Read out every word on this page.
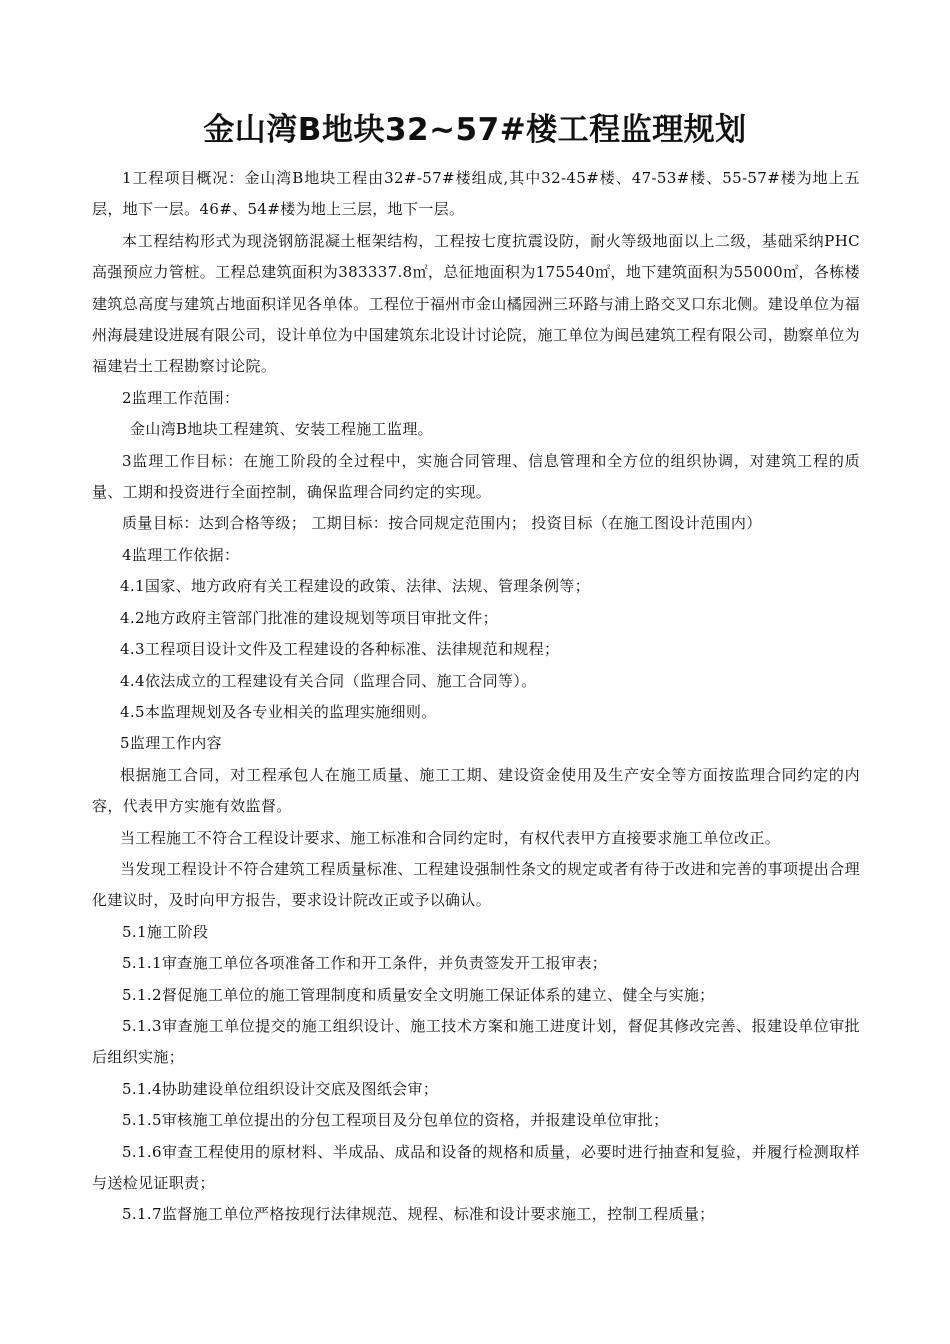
金山湾B地块32~57#楼工程监理规划

1工程项目概况：金山湾B地块工程由32#-57#楼组成,其中32-45#楼、47-53#楼、55-57#楼为地上五层，地下一层。46#、54#楼为地上三层，地下一层。

本工程结构形式为现浇钢筋混凝土框架结构，工程按七度抗震设防，耐火等级地面以上二级，基础采纳PHC高强预应力管桩。工程总建筑面积为383337.8㎡，总征地面积为175540㎡，地下建筑面积为55000㎡，各栋楼建筑总高度与建筑占地面积详见各单体。工程位于福州市金山橘园洲三环路与浦上路交叉口东北侧。建设单位为福州海晨建设进展有限公司，设计单位为中国建筑东北设计讨论院，施工单位为闽邑建筑工程有限公司，勘察单位为福建岩土工程勘察讨论院。

2监理工作范围：

金山湾B地块工程建筑、安装工程施工监理。

3监理工作目标：在施工阶段的全过程中，实施合同管理、信息管理和全方位的组织协调，对建筑工程的质量、工期和投资进行全面控制，确保监理合同约定的实现。

质量目标：达到合格等级； 工期目标：按合同规定范围内； 投资目标（在施工图设计范围内）

4监理工作依据：

4.1国家、地方政府有关工程建设的政策、法律、法规、管理条例等；

4.2地方政府主管部门批准的建设规划等项目审批文件；

4.3工程项目设计文件及工程建设的各种标准、法律规范和规程；

4.4依法成立的工程建设有关合同（监理合同、施工合同等）。

4.5本监理规划及各专业相关的监理实施细则。

5监理工作内容

根据施工合同，对工程承包人在施工质量、施工工期、建设资金使用及生产安全等方面按监理合同约定的内容，代表甲方实施有效监督。

当工程施工不符合工程设计要求、施工标准和合同约定时，有权代表甲方直接要求施工单位改正。

当发现工程设计不符合建筑工程质量标准、工程建设强制性条文的规定或者有待于改进和完善的事项提出合理化建议时，及时向甲方报告，要求设计院改正或予以确认。

5.1施工阶段

5.1.1审查施工单位各项准备工作和开工条件，并负责签发开工报审表；

5.1.2督促施工单位的施工管理制度和质量安全文明施工保证体系的建立、健全与实施；

5.1.3审查施工单位提交的施工组织设计、施工技术方案和施工进度计划，督促其修改完善、报建设单位审批后组织实施；

5.1.4协助建设单位组织设计交底及图纸会审；

5.1.5审核施工单位提出的分包工程项目及分包单位的资格，并报建设单位审批；

5.1.6审查工程使用的原材料、半成品、成品和设备的规格和质量，必要时进行抽查和复验，并履行检测取样与送检见证职责；

5.1.7监督施工单位严格按现行法律规范、规程、标准和设计要求施工，控制工程质量；
